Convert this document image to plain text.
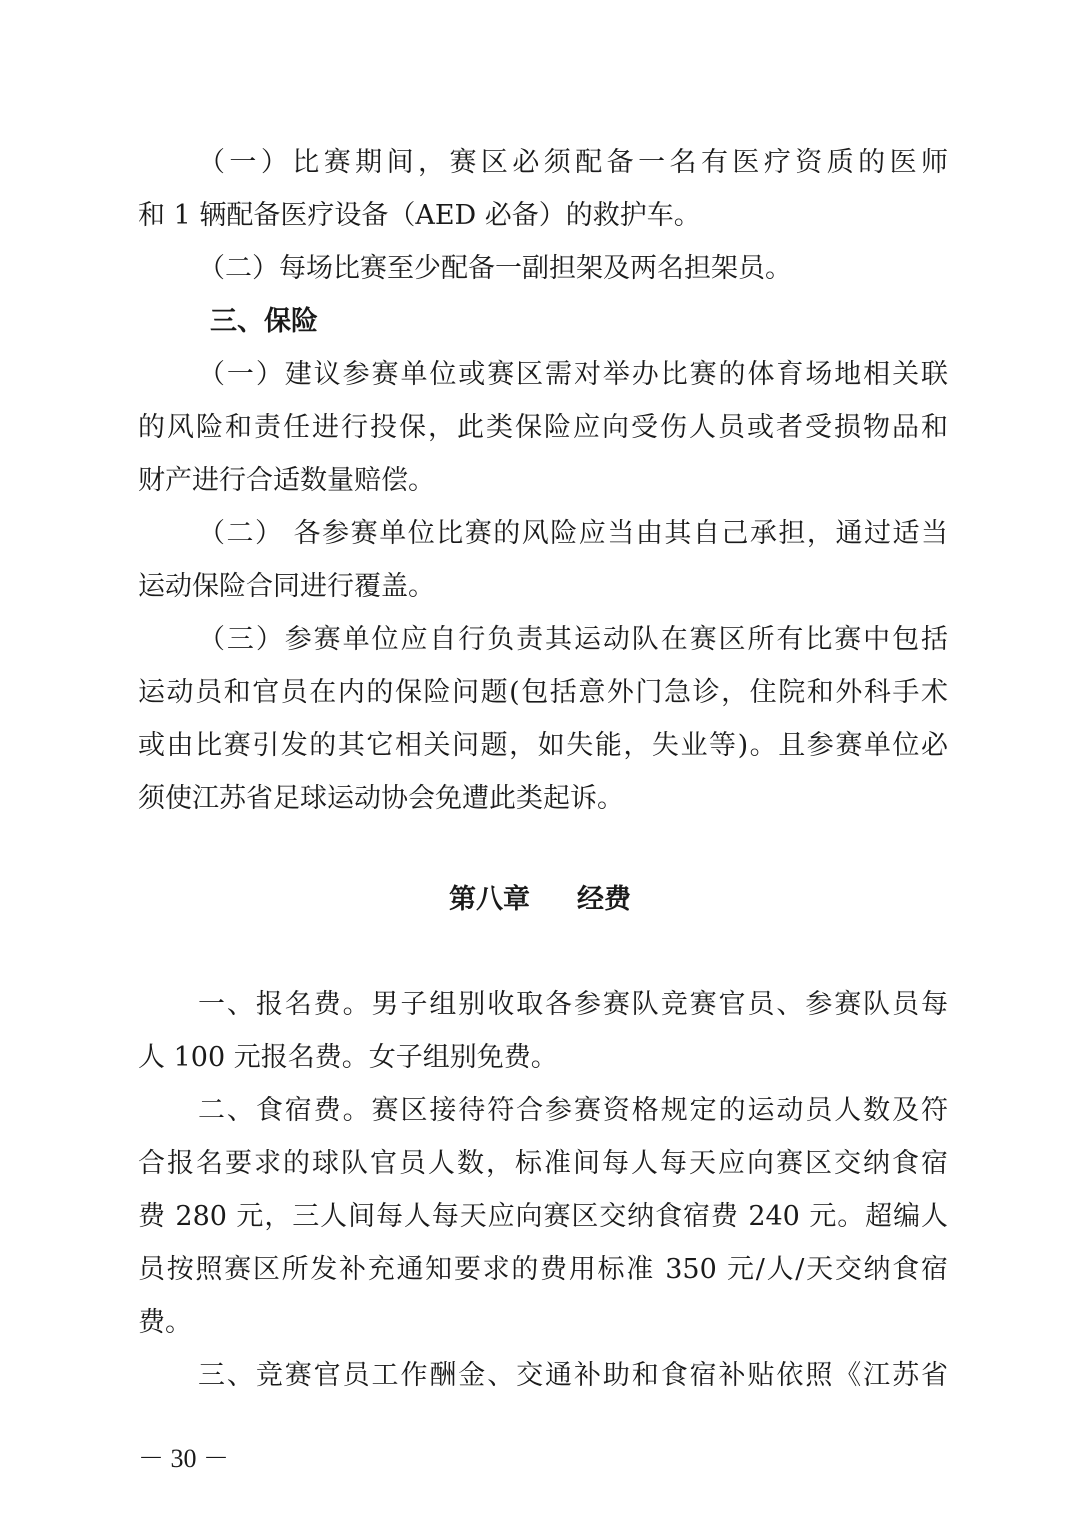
（一）比赛期间，赛区必须配备一名有医疗资质的医师
和 1 辆配备医疗设备（AED 必备）的救护车。
（二）每场比赛至少配备一副担架及两名担架员。
三、保险
（一）建议参赛单位或赛区需对举办比赛的体育场地相关联
的风险和责任进行投保，此类保险应向受伤人员或者受损物品和
财产进行合适数量赔偿。
（二） 各参赛单位比赛的风险应当由其自己承担，通过适当
运动保险合同进行覆盖。
（三）参赛单位应自行负责其运动队在赛区所有比赛中包括
运动员和官员在内的保险问题(包括意外门急诊，住院和外科手术
或由比赛引发的其它相关问题，如失能，失业等)。且参赛单位必
须使江苏省足球运动协会免遭此类起诉。
第八章     经费
一、报名费。男子组别收取各参赛队竞赛官员、参赛队员每
人 100 元报名费。女子组别免费。
二、食宿费。赛区接待符合参赛资格规定的运动员人数及符
合报名要求的球队官员人数，标准间每人每天应向赛区交纳食宿
费 280 元，三人间每人每天应向赛区交纳食宿费 240 元。超编人
员按照赛区所发补充通知要求的费用标准 350 元/人/天交纳食宿
费。
三、竞赛官员工作酬金、交通补助和食宿补贴依照《江苏省
－ 30 －
